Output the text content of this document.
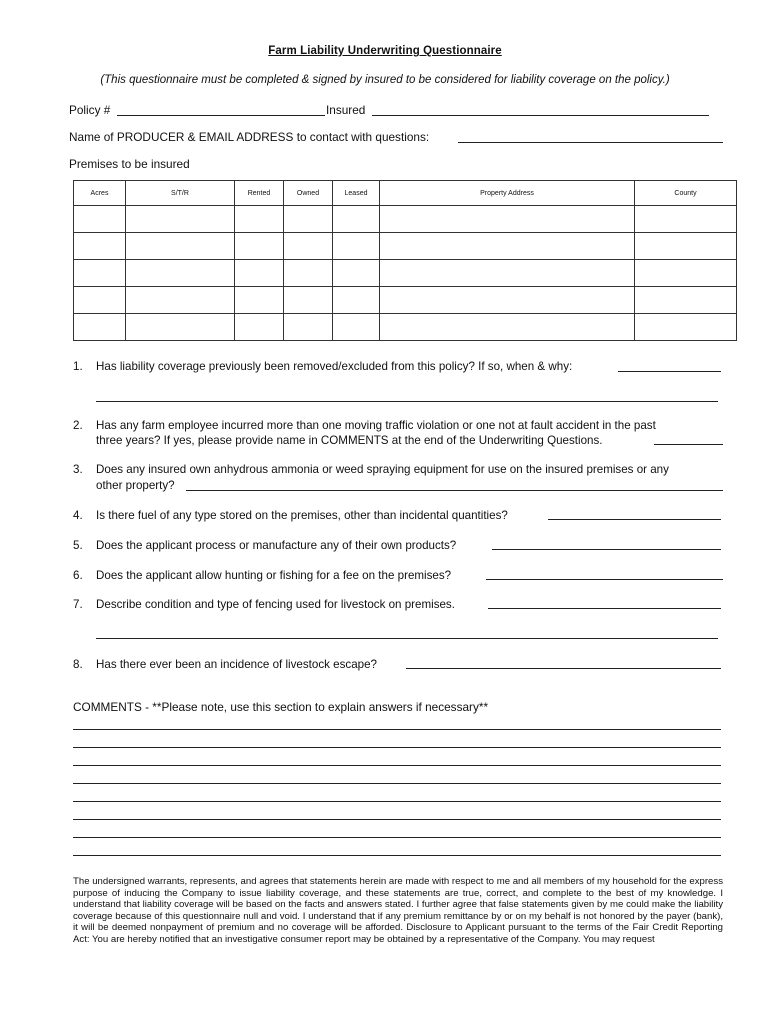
Farm Liability Underwriting Questionnaire
(This questionnaire must be completed & signed by insured to be considered for liability coverage on the policy.)
Policy #	Insured
Name of PRODUCER & EMAIL ADDRESS to contact with questions:
Premises to be insured
Acres	S/T/R	Rented	Owned	Leased	Property Address	County

1. Has liability coverage previously been removed/excluded from this policy? If so, when & why:
2. Has any farm employee incurred more than one moving traffic violation or one not at fault accident in the past
three years? If yes, please provide name in COMMENTS at the end of the Underwriting Questions.
3. Does any insured own anhydrous ammonia or weed spraying equipment for use on the insured premises or any
other property?
4. Is there fuel of any type stored on the premises, other than incidental quantities?
5. Does the applicant process or manufacture any of their own products?
6. Does the applicant allow hunting or fishing for a fee on the premises?
7. Describe condition and type of fencing used for livestock on premises.
8. Has there ever been an incidence of livestock escape?
COMMENTS - **Please note, use this section to explain answers if necessary**
The undersigned warrants, represents, and agrees that statements herein are made with respect to me and all members of my household for the express purpose of inducing the Company to issue liability coverage, and these statements are true, correct, and complete to the best of my knowledge. I understand that liability coverage will be based on the facts and answers stated. I further agree that false statements given by me could make the liability coverage because of this questionnaire null and void. I understand that if any premium remittance by or on my behalf is not honored by the payer (bank), it will be deemed nonpayment of premium and no coverage will be afforded. Disclosure to Applicant pursuant to the terms of the Fair Credit Reporting Act: You are hereby notified that an investigative consumer report may be obtained by a representative of the Company. You may request
